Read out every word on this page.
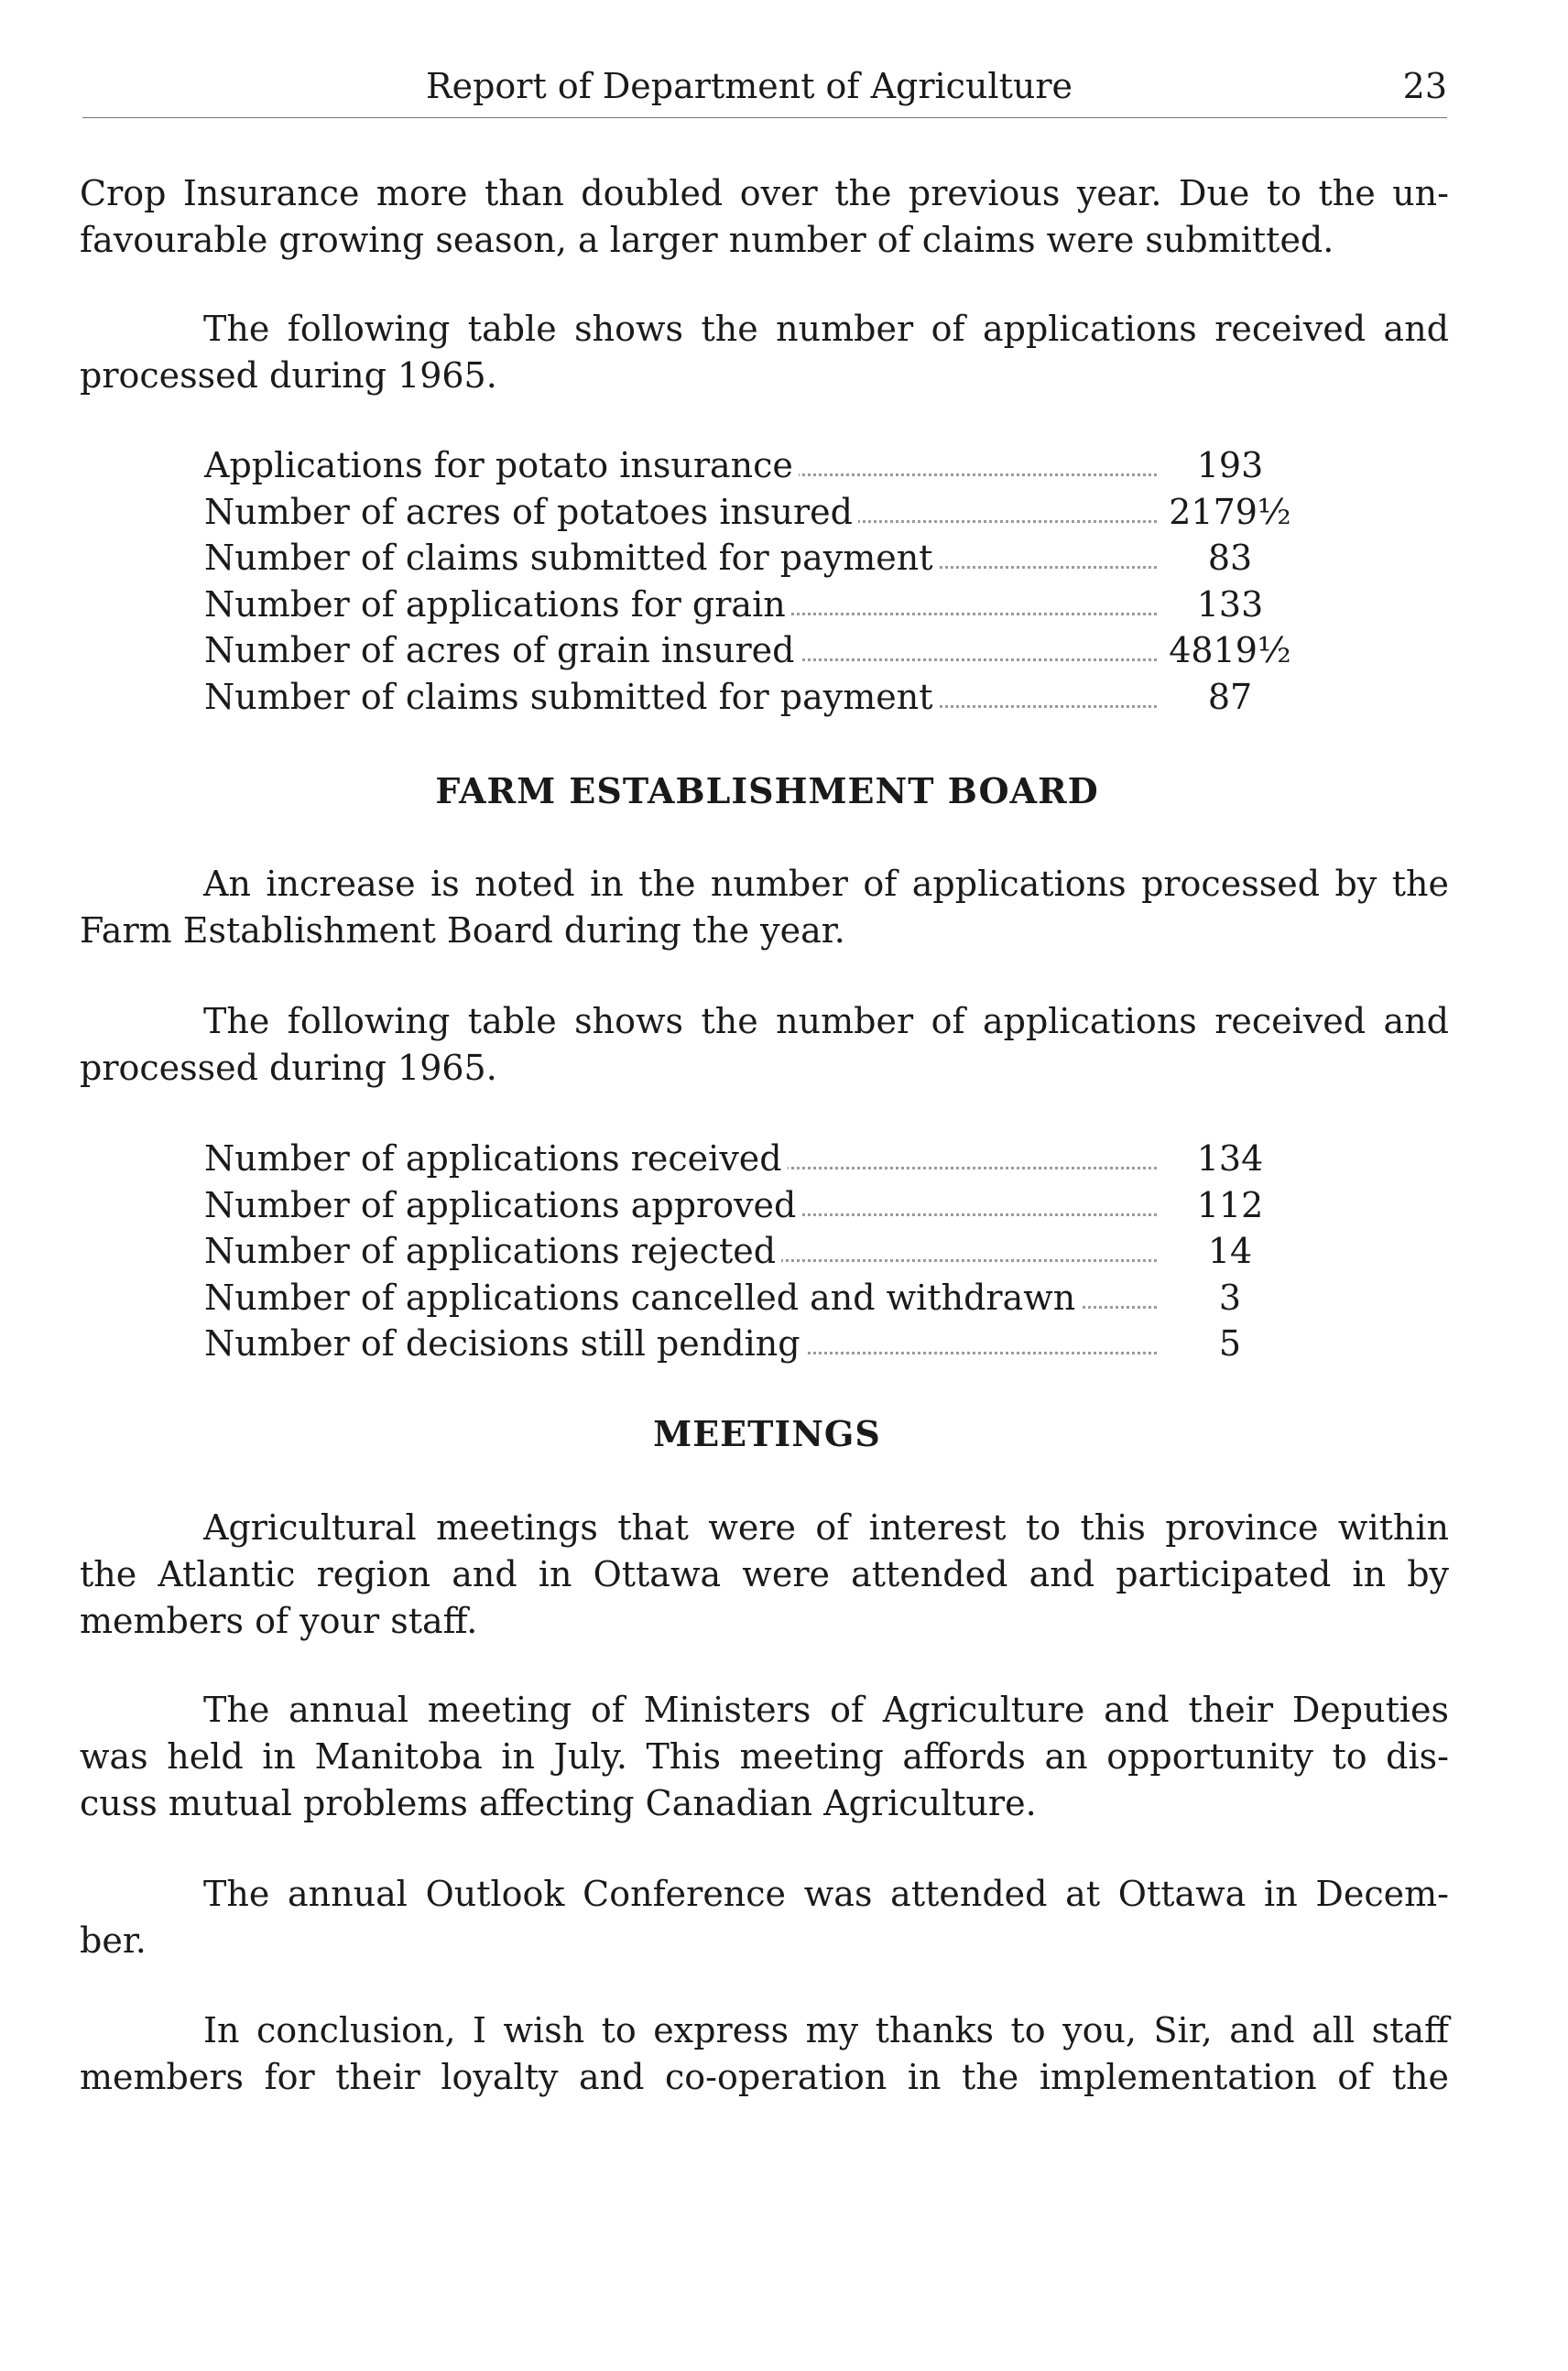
Report of Department of Agriculture	23
Crop Insurance more than doubled over the previous year. Due to the un-
favourable growing season, a larger number of claims were submitted.
The following table shows the number of applications received and
processed during 1965.
Applications for potato insurance	193
Number of acres of potatoes insured	2179½
Number of claims submitted for payment	83
Number of applications for grain	133
Number of acres of grain insured	4819½
Number of claims submitted for payment	87
FARM ESTABLISHMENT BOARD
An increase is noted in the number of applications processed by the
Farm Establishment Board during the year.
The following table shows the number of applications received and
processed during 1965.
Number of applications received	134
Number of applications approved	112
Number of applications rejected	14
Number of applications cancelled and withdrawn	3
Number of decisions still pending	5
MEETINGS
Agricultural meetings that were of interest to this province within
the Atlantic region and in Ottawa were attended and participated in by
members of your staff.
The annual meeting of Ministers of Agriculture and their Deputies
was held in Manitoba in July. This meeting affords an opportunity to dis-
cuss mutual problems affecting Canadian Agriculture.
The annual Outlook Conference was attended at Ottawa in Decem-
ber.
In conclusion, I wish to express my thanks to you, Sir, and all staff
members for their loyalty and co-operation in the implementation of the
